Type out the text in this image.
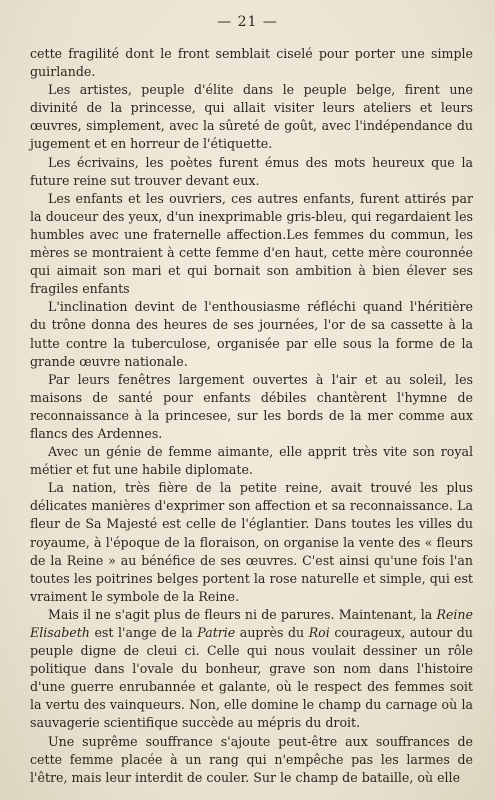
— 21 —

cette fragilité dont le front semblait ciselé pour porter une simple guirlande.

Les artistes, peuple d'élite dans le peuple belge, firent une divinité de la princesse, qui allait visiter leurs ateliers et leurs œuvres, simplement, avec la sûreté de goût, avec l'indépendance du jugement et en horreur de l'étiquette.

Les écrivains, les poètes furent émus des mots heureux que la future reine sut trouver devant eux.

Les enfants et les ouvriers, ces autres enfants, furent attirés par la douceur des yeux, d'un inexprimable gris-bleu, qui regardaient les humbles avec une fraternelle affection.Les femmes du commun, les mères se montraient à cette femme d'en haut, cette mère couronnée qui aimait son mari et qui bornait son ambition à bien élever ses fragiles enfants

L'inclination devint de l'enthousiasme réfléchi quand l'héritière du trône donna des heures de ses journées, l'or de sa cassette à la lutte contre la tuberculose, organisée par elle sous la forme de la grande œuvre nationale.

Par leurs fenêtres largement ouvertes à l'air et au soleil, les maisons de santé pour enfants débiles chantèrent l'hymne de reconnaissance à la princesee, sur les bords de la mer comme aux flancs des Ardennes.

Avec un génie de femme aimante, elle apprit très vite son royal métier et fut une habile diplomate.

La nation, très fière de la petite reine, avait trouvé les plus délicates manières d'exprimer son affection et sa reconnaissance. La fleur de Sa Majesté est celle de l'églantier. Dans toutes les villes du royaume, à l'époque de la floraison, on organise la vente des « fleurs de la Reine » au bénéfice de ses œuvres. C'est ainsi qu'une fois l'an toutes les poitrines belges portent la rose naturelle et simple, qui est vraiment le symbole de la Reine.

Mais il ne s'agit plus de fleurs ni de parures. Maintenant, la Reine Elisabeth est l'ange de la Patrie auprès du Roi courageux, autour du peuple digne de cleui ci. Celle qui nous voulait dessiner un rôle politique dans l'ovale du bonheur, grave son nom dans l'histoire d'une guerre enrubannée et galante, où le respect des femmes soit la vertu des vainqueurs. Non, elle domine le champ du carnage où la sauvagerie scientifique succède au mépris du droit.

Une suprême souffrance s'ajoute peut-être aux souffrances de cette femme placée à un rang qui n'empêche pas les larmes de l'être, mais leur interdit de couler. Sur le champ de bataille, où elle
